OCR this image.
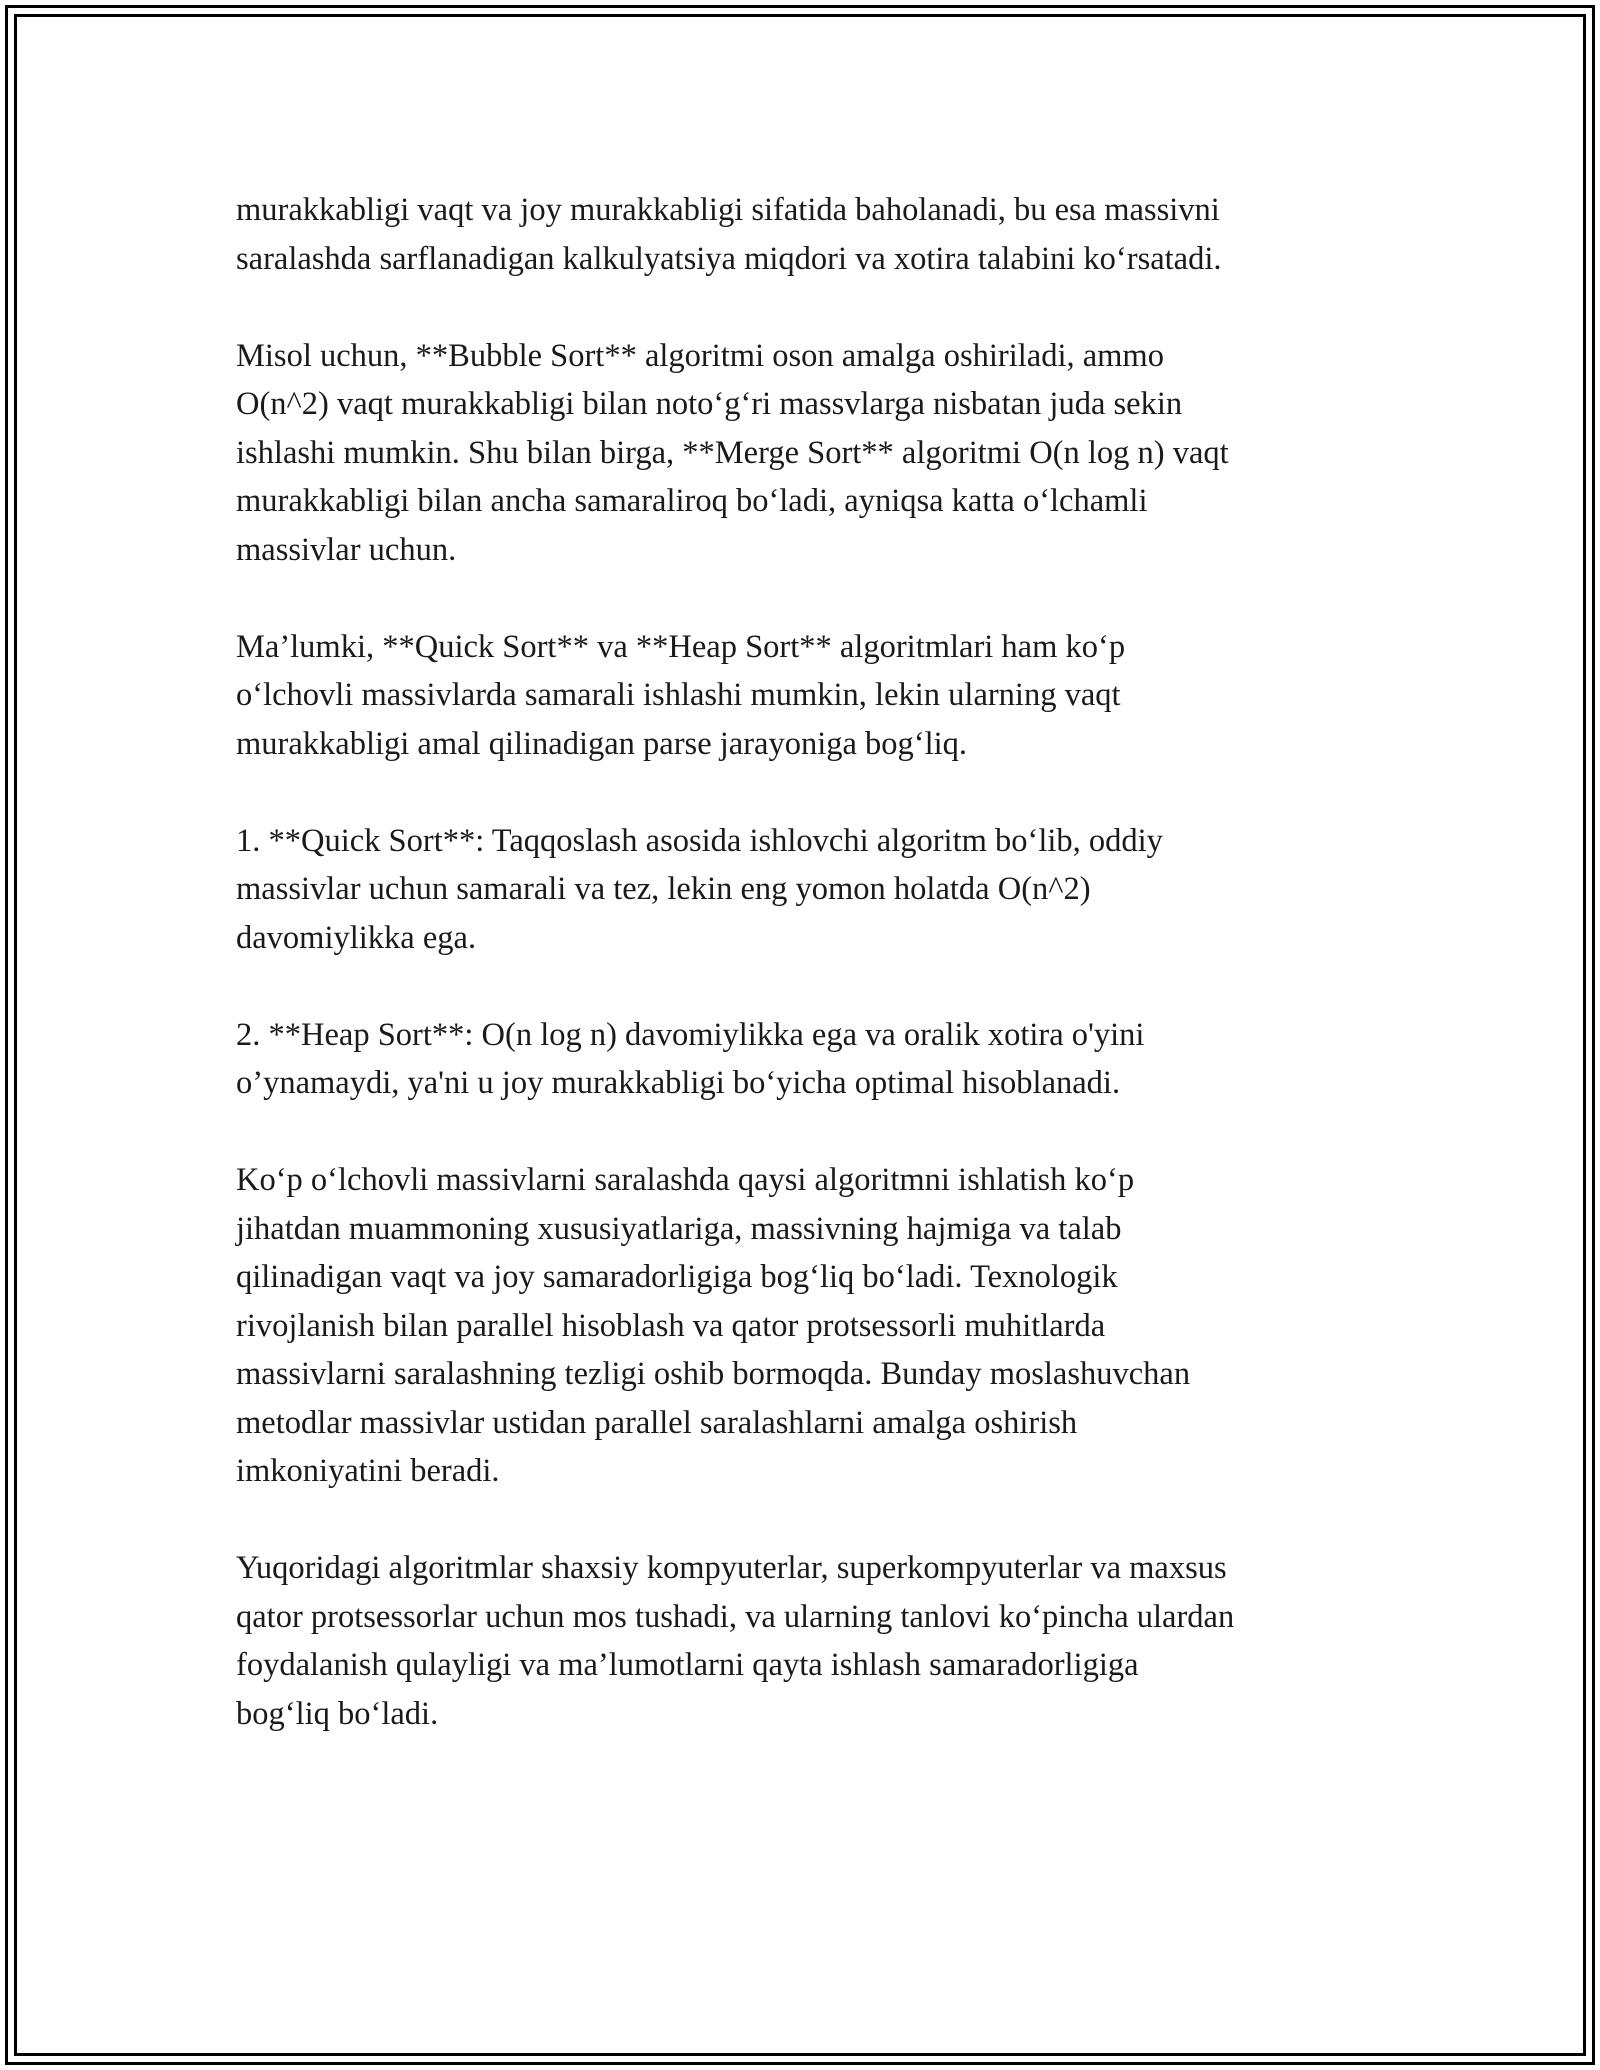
murakkabligi vaqt va joy murakkabligi sifatida baholanadi, bu esa massivni
saralashda sarflanadigan kalkulyatsiya miqdori va xotira talabini ko‘rsatadi.

Misol uchun, **Bubble Sort** algoritmi oson amalga oshiriladi, ammo
O(n^2) vaqt murakkabligi bilan noto‘g‘ri massvlarga nisbatan juda sekin
ishlashi mumkin. Shu bilan birga, **Merge Sort** algoritmi O(n log n) vaqt
murakkabligi bilan ancha samaraliroq bo‘ladi, ayniqsa katta o‘lchamli
massivlar uchun.

Ma’lumki, **Quick Sort** va **Heap Sort** algoritmlari ham ko‘p
o‘lchovli massivlarda samarali ishlashi mumkin, lekin ularning vaqt
murakkabligi amal qilinadigan parse jarayoniga bog‘liq.

1. **Quick Sort**: Taqqoslash asosida ishlovchi algoritm bo‘lib, oddiy
massivlar uchun samarali va tez, lekin eng yomon holatda O(n^2)
davomiylikka ega.

2. **Heap Sort**: O(n log n) davomiylikka ega va oralik xotira o'yini
o’ynamaydi, ya'ni u joy murakkabligi bo‘yicha optimal hisoblanadi.

Ko‘p o‘lchovli massivlarni saralashda qaysi algoritmni ishlatish ko‘p
jihatdan muammoning xususiyatlariga, massivning hajmiga va talab
qilinadigan vaqt va joy samaradorligiga bog‘liq bo‘ladi. Texnologik
rivojlanish bilan parallel hisoblash va qator protsessorli muhitlarda
massivlarni saralashning tezligi oshib bormoqda. Bunday moslashuvchan
metodlar massivlar ustidan parallel saralashlarni amalga oshirish
imkoniyatini beradi.

Yuqoridagi algoritmlar shaxsiy kompyuterlar, superkompyuterlar va maxsus
qator protsessorlar uchun mos tushadi, va ularning tanlovi ko‘pincha ulardan
foydalanish qulayligi va ma’lumotlarni qayta ishlash samaradorligiga
bog‘liq bo‘ladi.
